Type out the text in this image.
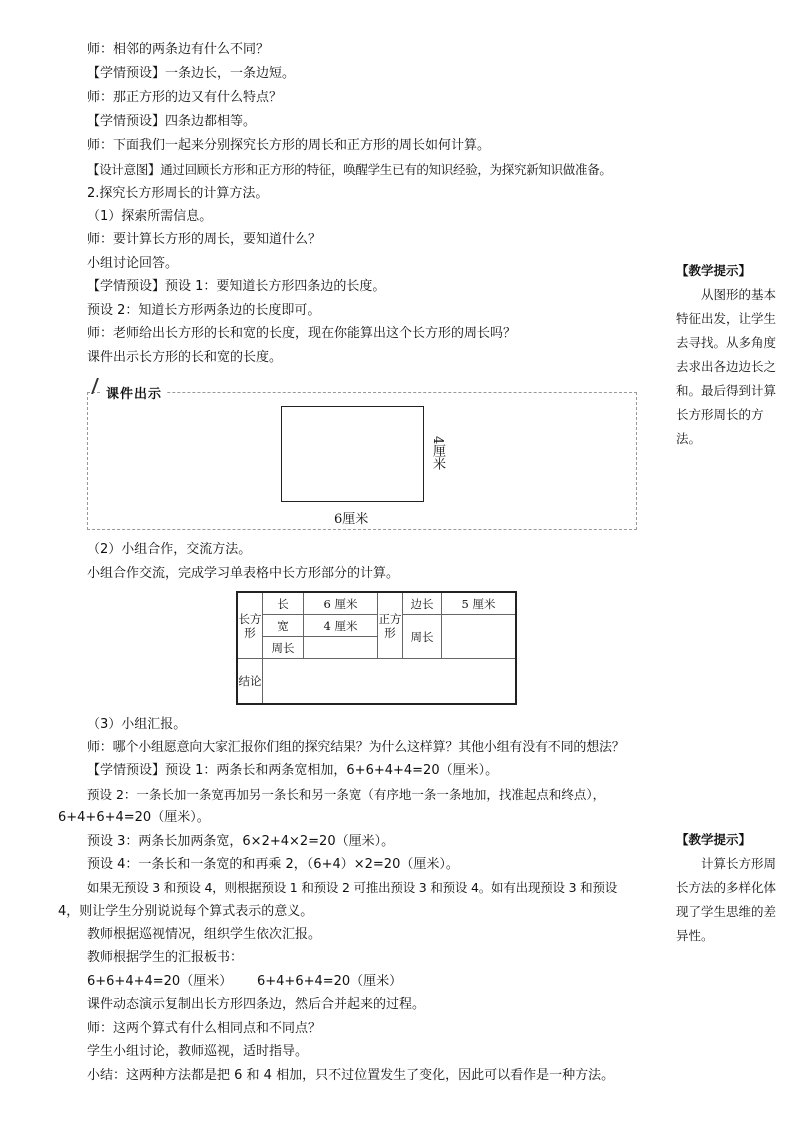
师：相邻的两条边有什么不同？
【学情预设】一条边长，一条边短。
师：那正方形的边又有什么特点？
【学情预设】四条边都相等。
师：下面我们一起来分别探究长方形的周长和正方形的周长如何计算。
【设计意图】通过回顾长方形和正方形的特征，唤醒学生已有的知识经验，为探究新知识做准备。
2.探究长方形周长的计算方法。
（1）探索所需信息。
师：要计算长方形的周长，要知道什么？
小组讨论回答。
【学情预设】预设 1：要知道长方形四条边的长度。
预设 2：知道长方形两条边的长度即可。
师：老师给出长方形的长和宽的长度，现在你能算出这个长方形的周长吗？
课件出示长方形的长和宽的长度。
课件出示
6厘米
4厘米
（2）小组合作，交流方法。
小组合作交流，完成学习单表格中长方形部分的计算。
长方形	长	6 厘米	正方形	边长	5 厘米
	宽	4 厘米		周长	
	周长				
结论					
（3）小组汇报。
师：哪个小组愿意向大家汇报你们组的探究结果？为什么这样算？其他小组有没有不同的想法？
【学情预设】预设 1：两条长和两条宽相加，6+6+4+4=20（厘米）。
预设 2：一条长加一条宽再加另一条长和另一条宽（有序地一条一条地加，找准起点和终点），
6+4+6+4=20（厘米）。
预设 3：两条长加两条宽，6×2+4×2=20（厘米）。
预设 4：一条长和一条宽的和再乘 2，（6+4）×2=20（厘米）。
如果无预设 3 和预设 4，则根据预设 1 和预设 2 可推出预设 3 和预设 4。如有出现预设 3 和预设
4，则让学生分别说说每个算式表示的意义。
教师根据巡视情况，组织学生依次汇报。
教师根据学生的汇报板书：
6+6+4+4=20（厘米）      6+4+6+4=20（厘米）
课件动态演示复制出长方形四条边，然后合并起来的过程。
师：这两个算式有什么相同点和不同点？
学生小组讨论，教师巡视，适时指导。
小结：这两种方法都是把 6 和 4 相加，只不过位置发生了变化，因此可以看作是一种方法。
【教学提示】
从图形的基本特征出发，让学生去寻找。从多角度去求出各边边长之和。最后得到计算长方形周长的方法。
【教学提示】
计算长方形周长方法的多样化体现了学生思维的差异性。
